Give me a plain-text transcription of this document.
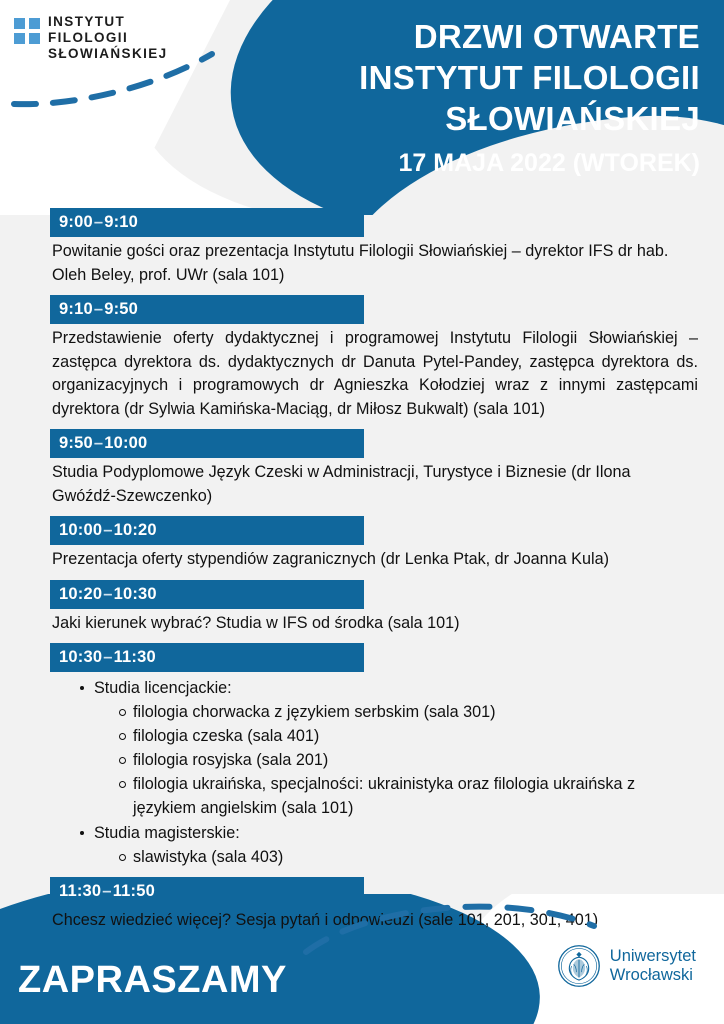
INSTYTUT
FILOLOGII
SŁOWIAŃSKIEJ	DRZWI OTWARTE
INSTYTUT FILOLOGII
SŁOWIAŃSKIEJ
17 MAJA 2022 (WTOREK)
9:00–9:10
Powitanie gości oraz prezentacja Instytutu Filologii Słowiańskiej – dyrektor IFS dr hab. Oleh Beley, prof. UWr (sala 101)
9:10–9:50
Przedstawienie oferty dydaktycznej i programowej Instytutu Filologii Słowiańskiej – zastępca dyrektora ds. dydaktycznych dr Danuta Pytel-Pandey, zastępca dyrektora ds. organizacyjnych i programowych dr Agnieszka Kołodziej wraz z innymi zastępcami dyrektora (dr Sylwia Kamińska-Maciąg, dr Miłosz Bukwalt) (sala 101)
9:50–10:00
Studia Podyplomowe Język Czeski w Administracji, Turystyce i Biznesie (dr Ilona Gwóźdź-Szewczenko)
10:00–10:20
Prezentacja oferty stypendiów zagranicznych (dr Lenka Ptak, dr Joanna Kula)
10:20–10:30
Jaki kierunek wybrać? Studia w IFS od środka (sala 101)
10:30–11:30
Studia licencjackie:
filologia chorwacka z językiem serbskim (sala 301)
filologia czeska (sala 401)
filologia rosyjska (sala 201)
filologia ukraińska, specjalności: ukrainistyka oraz filologia ukraińska z językiem angielskim (sala 101)
Studia magisterskie:
slawistyka (sala 403)
11:30–11:50
Chcesz wiedzieć więcej? Sesja pytań i odpowiedzi (sale 101, 201, 301, 401)
ZAPRASZAMY
Uniwersytet
Wrocławski
